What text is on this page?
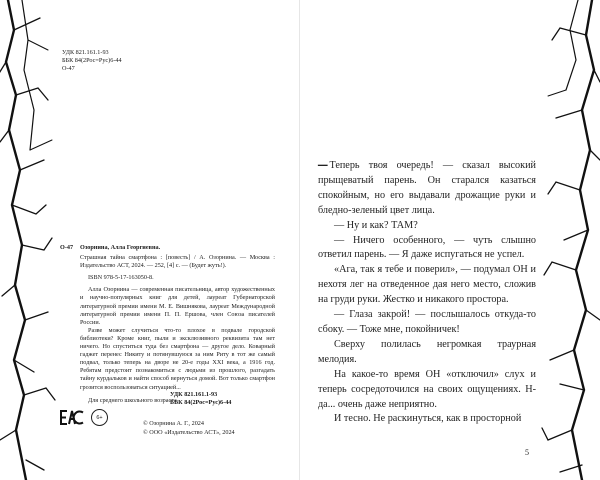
УДК 821.161.1-93
ББК 84(2Рос=Рус)6-44
О-47
О-47 Озорнина, Алла Георгиевна.

Страшная тайна смартфона : [повесть] / А. Озорнина. — Москва : Издательство АСТ, 2024. — 252, [4] с. — (Будет жуть!).

ISBN 978-5-17-163050-8.

Алла Озорнина — современная писательница, автор художественных и научно-популярных книг для детей, лауреат Губернаторской литературной премии имени М. Е. Вишнякова, лауреат Международной литературной премии имени П. П. Ершова, член Союза писателей России.

Разве может случиться что-то плохое в подвале городской библиотеки? Кроме книг, пыли и эксклюзивного реквизита там нет ничего. Но спуститься туда без смартфона — другое дело. Коварный гаджет перенес Никиту и потянувшуюся за ним Риту в тот же самый подвал, только теперь на дворе не 20-е годы XXI века, а 1916 год. Ребятам предстоит познакомиться с людьми из прошлого, разгадать тайну курдальков и найти способ вернуться домой. Вот только смартфон грозится воспользоваться ситуацией...

Для среднего школьного возраста.

УДК 821.161.1-93
ББК 84(2Рос=Рус)6-44
6+
© Озорнина А. Г., 2024
© ООО «Издательство АСТ», 2024

– Теперь твоя очередь! — сказал высокий прыщеватый парень. Он старался казаться спокойным, но его выдавали дрожащие руки и бледно-зеленый цвет лица.

— Ну и как? ТАМ?

— Ничего особенного, — чуть слышно ответил парень. — Я даже испугаться не успел.

«Ага, так я тебе и поверил», — подумал ОН и нехотя лег на отведенное дая него место, сложив на груди руки. Жестко и никакого простора.

— Глаза закрой! — послышалось откуда-то сбоку. — Тоже мне, покойничек!

Сверху полилась негромкая траурная мелодия.

На какое-то время ОН «отключил» слух и теперь сосредоточился на своих ощущениях. Н-да... очень даже неприятно.

И тесно. Не раскинуться, как в просторной

5
